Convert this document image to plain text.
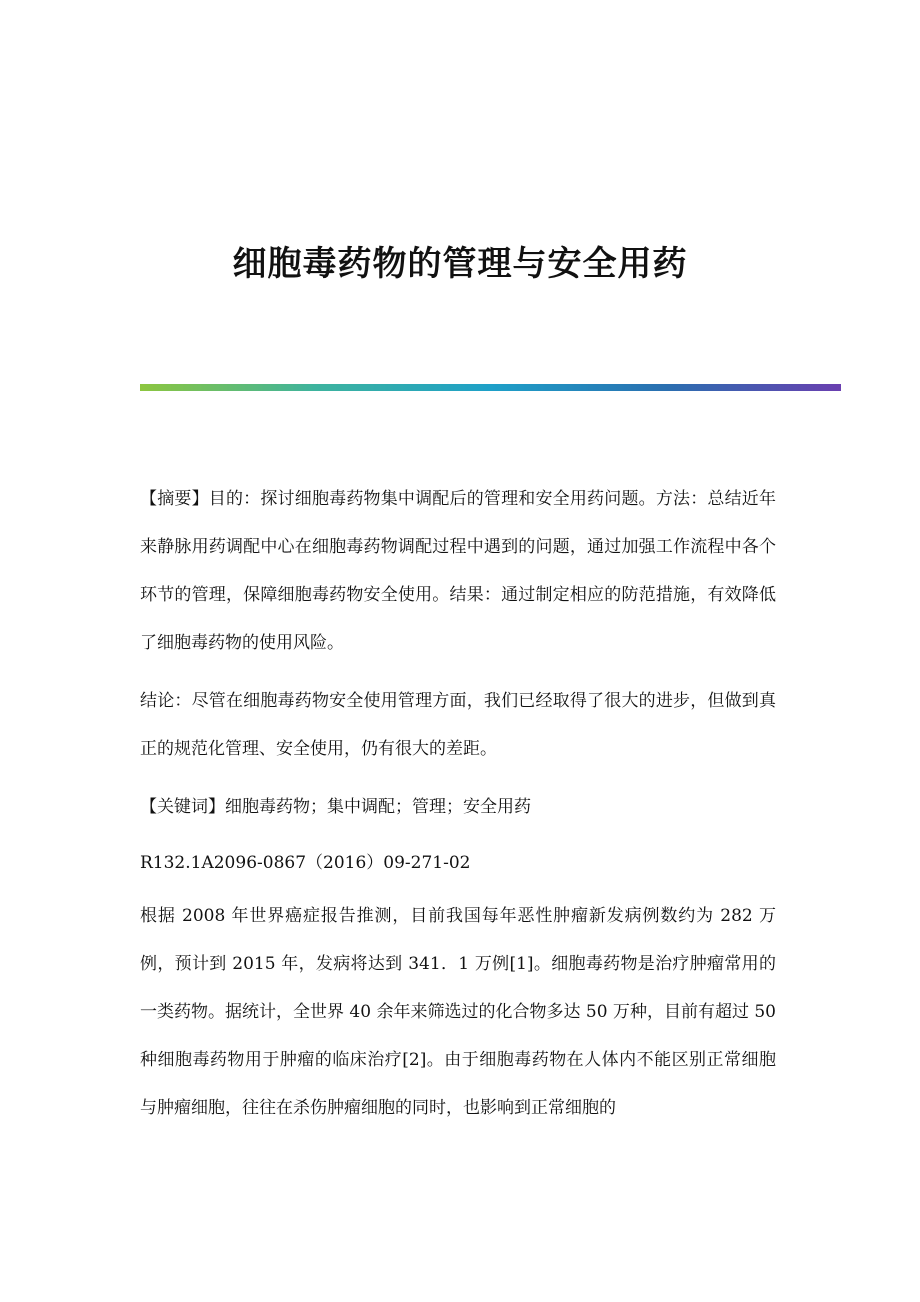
细胞毒药物的管理与安全用药

【摘要】目的：探讨细胞毒药物集中调配后的管理和安全用药问题。方法：总结近年来静脉用药调配中心在细胞毒药物调配过程中遇到的问题，通过加强工作流程中各个环节的管理，保障细胞毒药物安全使用。结果：通过制定相应的防范措施，有效降低了细胞毒药物的使用风险。

结论：尽管在细胞毒药物安全使用管理方面，我们已经取得了很大的进步，但做到真正的规范化管理、安全使用，仍有很大的差距。

【关键词】细胞毒药物；集中调配；管理；安全用药

R132.1A2096-0867（2016）09-271-02

根据 2008 年世界癌症报告推测，目前我国每年恶性肿瘤新发病例数约为 282 万例，预计到 2015 年，发病将达到 341．1 万例[1]。细胞毒药物是治疗肿瘤常用的一类药物。据统计，全世界 40 余年来筛选过的化合物多达 50 万种，目前有超过 50 种细胞毒药物用于肿瘤的临床治疗[2]。由于细胞毒药物在人体内不能区别正常细胞与肿瘤细胞，往往在杀伤肿瘤细胞的同时，也影响到正常细胞的
